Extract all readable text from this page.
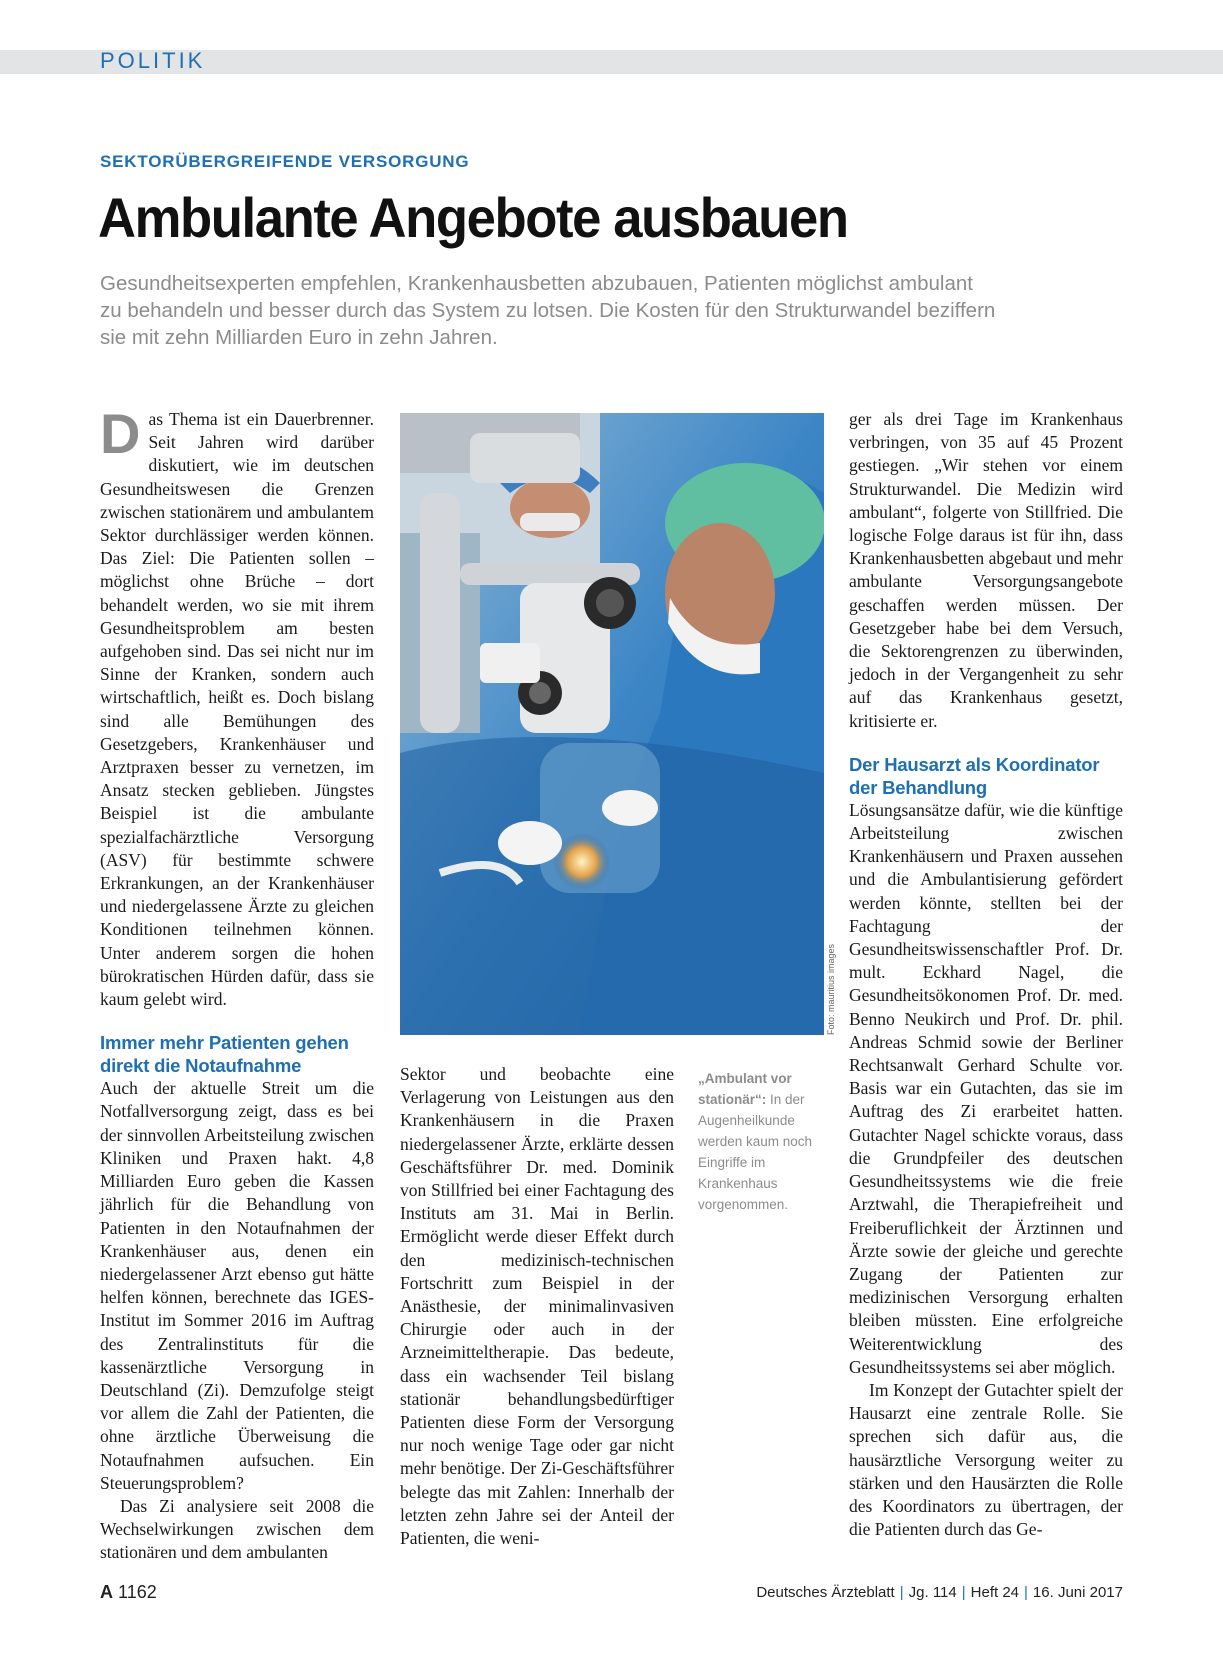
POLITIK
SEKTORÜBERGREIFENDE VERSORGUNG
Ambulante Angebote ausbauen

Gesundheitsexperten empfehlen, Krankenhausbetten abzubauen, Patienten möglichst ambulant zu behandeln und besser durch das System zu lotsen. Die Kosten für den Strukturwandel beziffern sie mit zehn Milliarden Euro in zehn Jahren.

Das Thema ist ein Dauerbrenner. Seit Jahren wird darüber diskutiert, wie im deutschen Gesundheitswesen die Grenzen zwischen stationärem und ambulantem Sektor durchlässiger werden können. Das Ziel: Die Patienten sollen – möglichst ohne Brüche – dort behandelt werden, wo sie mit ihrem Gesundheitsproblem am besten aufgehoben sind. Das sei nicht nur im Sinne der Kranken, sondern auch wirtschaftlich, heißt es. Doch bislang sind alle Bemühungen des Gesetzgebers, Krankenhäuser und Arztpraxen besser zu vernetzen, im Ansatz stecken geblieben. Jüngstes Beispiel ist die ambulante spezialfachärztliche Versorgung (ASV) für bestimmte schwere Erkrankungen, an der Krankenhäuser und niedergelassene Ärzte zu gleichen Konditionen teilnehmen können. Unter anderem sorgen die hohen bürokratischen Hürden dafür, dass sie kaum gelebt wird.

Immer mehr Patienten gehen direkt die Notaufnahme

Auch der aktuelle Streit um die Notfallversorgung zeigt, dass es bei der sinnvollen Arbeitsteilung zwischen Kliniken und Praxen hakt. 4,8 Milliarden Euro geben die Kassen jährlich für die Behandlung von Patienten in den Notaufnahmen der Krankenhäuser aus, denen ein niedergelassener Arzt ebenso gut hätte helfen können, berechnete das IGES-Institut im Sommer 2016 im Auftrag des Zentralinstituts für die kassenärztliche Versorgung in Deutschland (Zi). Demzufolge steigt vor allem die Zahl der Patienten, die ohne ärztliche Überweisung die Notaufnahmen aufsuchen. Ein Steuerungsproblem?

Das Zi analysiere seit 2008 die Wechselwirkungen zwischen dem stationären und dem ambulanten

Foto: mauritius images
„Ambulant vor stationär“: In der Augenheilkunde werden kaum noch Eingriffe im Krankenhaus vorgenommen.

Sektor und beobachte eine Verlagerung von Leistungen aus den Krankenhäusern in die Praxen niedergelassener Ärzte, erklärte dessen Geschäftsführer Dr. med. Dominik von Stillfried bei einer Fachtagung des Instituts am 31. Mai in Berlin. Ermöglicht werde dieser Effekt durch den medizinisch-technischen Fortschritt zum Beispiel in der Anästhesie, der minimalinvasiven Chirurgie oder auch in der Arzneimitteltherapie. Das bedeute, dass ein wachsender Teil bislang stationär behandlungsbedürftiger Patienten diese Form der Versorgung nur noch wenige Tage oder gar nicht mehr benötige. Der Zi-Geschäftsführer belegte das mit Zahlen: Innerhalb der letzten zehn Jahre sei der Anteil der Patienten, die weni-

ger als drei Tage im Krankenhaus verbringen, von 35 auf 45 Prozent gestiegen. „Wir stehen vor einem Strukturwandel. Die Medizin wird ambulant“, folgerte von Stillfried. Die logische Folge daraus ist für ihn, dass Krankenhausbetten abgebaut und mehr ambulante Versorgungsangebote geschaffen werden müssen. Der Gesetzgeber habe bei dem Versuch, die Sektorengrenzen zu überwinden, jedoch in der Vergangenheit zu sehr auf das Krankenhaus gesetzt, kritisierte er.

Der Hausarzt als Koordinator der Behandlung

Lösungsansätze dafür, wie die künftige Arbeitsteilung zwischen Krankenhäusern und Praxen aussehen und die Ambulantisierung gefördert werden könnte, stellten bei der Fachtagung der Gesundheitswissenschaftler Prof. Dr. mult. Eckhard Nagel, die Gesundheitsökonomen Prof. Dr. med. Benno Neukirch und Prof. Dr. phil. Andreas Schmid sowie der Berliner Rechtsanwalt Gerhard Schulte vor. Basis war ein Gutachten, das sie im Auftrag des Zi erarbeitet hatten. Gutachter Nagel schickte voraus, dass die Grundpfeiler des deutschen Gesundheitssystems wie die freie Arztwahl, die Therapiefreiheit und Freiberuflichkeit der Ärztinnen und Ärzte sowie der gleiche und gerechte Zugang der Patienten zur medizinischen Versorgung erhalten bleiben müssten. Eine erfolgreiche Weiterentwicklung des Gesundheitssystems sei aber möglich.

Im Konzept der Gutachter spielt der Hausarzt eine zentrale Rolle. Sie sprechen sich dafür aus, die hausärztliche Versorgung weiter zu stärken und den Hausärzten die Rolle des Koordinators zu übertragen, der die Patienten durch das Ge-

A 1162	Deutsches Ärzteblatt | Jg. 114 | Heft 24 | 16. Juni 2017
